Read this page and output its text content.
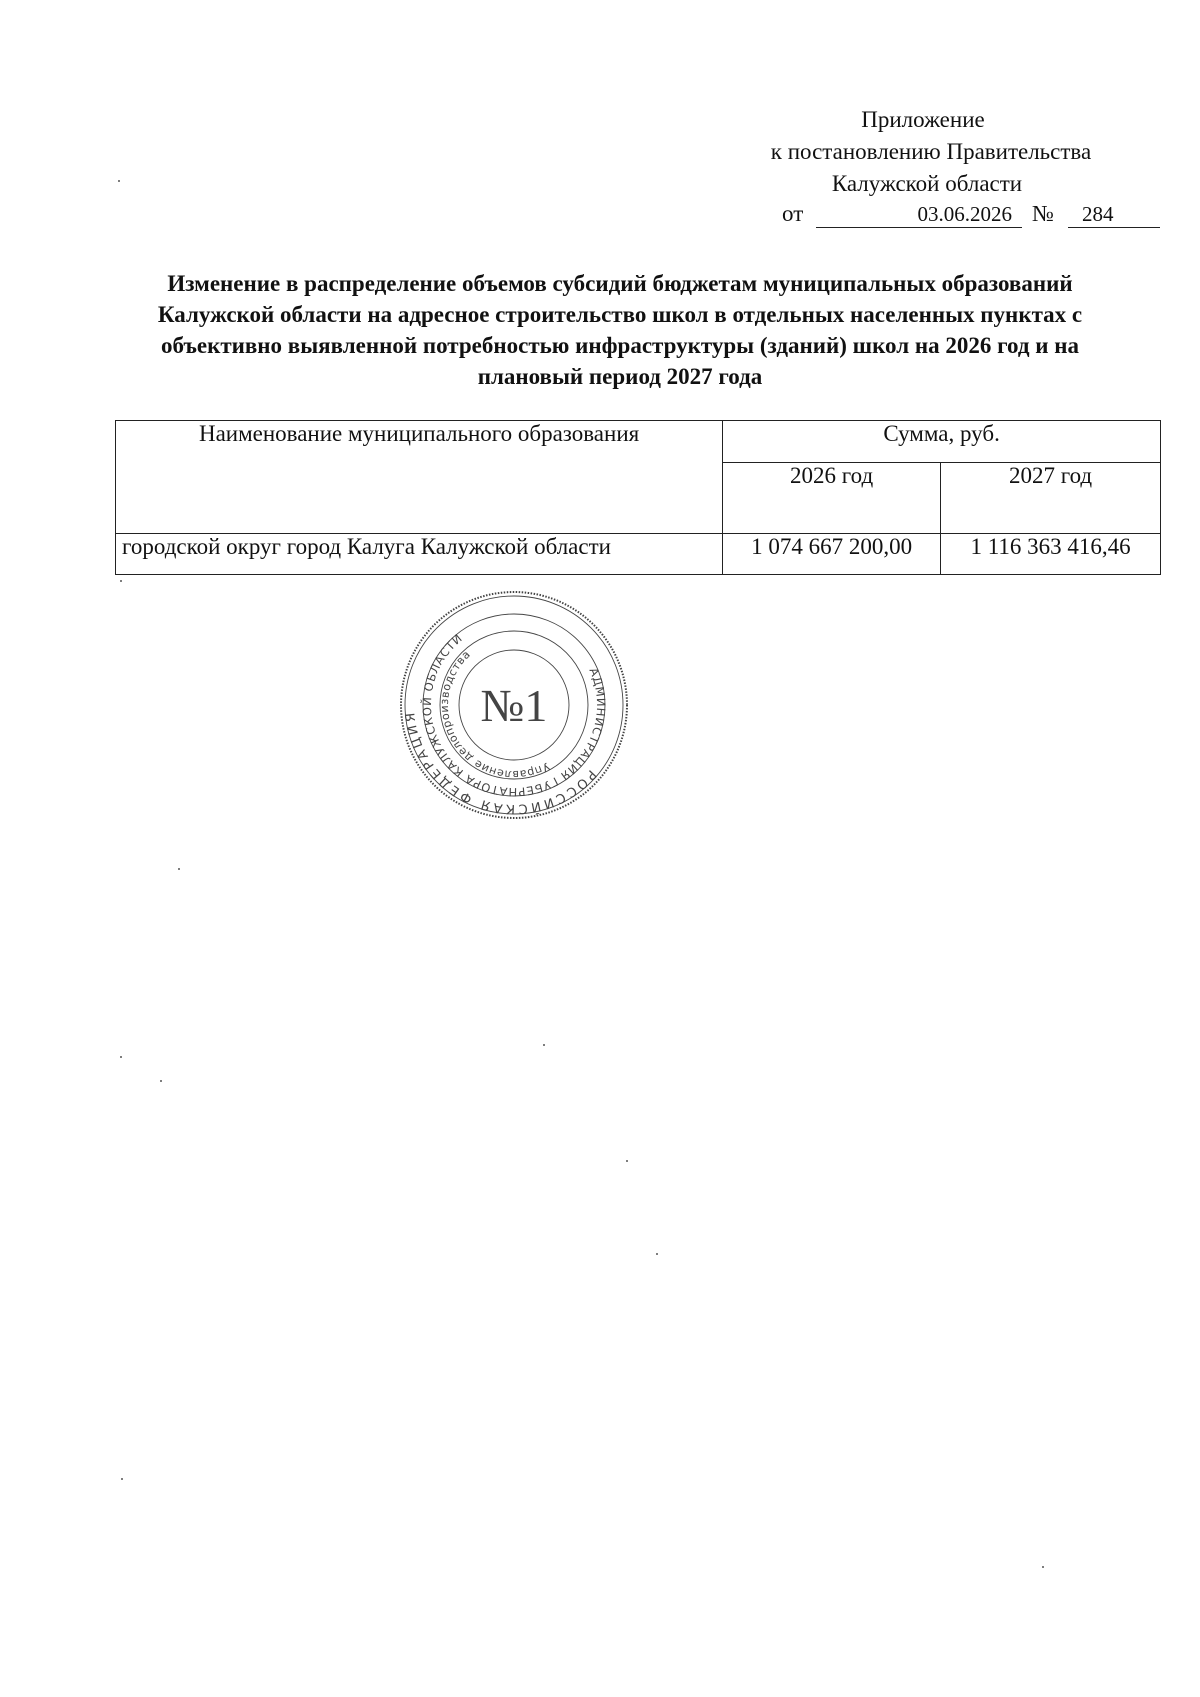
Приложение
к постановлению Правительства
Калужской области
от	03.06.2026 №	284
Изменение в распределение объемов субсидий бюджетам муниципальных образований Калужской области на адресное строительство школ в отдельных населенных пунктах с объективно выявленной потребностью инфраструктуры (зданий) школ на 2026 год и на плановый период 2027 года
Наименование муниципального образования	Сумма, руб.	
	2026 год	2027 год
городской округ город Калуга Калужской области	1 074 667 200,00	1 116 363 416,46
РОССИЙСКАЯ ФЕДЕРАЦИЯ
АДМИНИСТРАЦИЯ ГУБЕРНАТОРА КАЛУЖСКОЙ ОБЛАСТИ
Управление делопроизводства
№1
